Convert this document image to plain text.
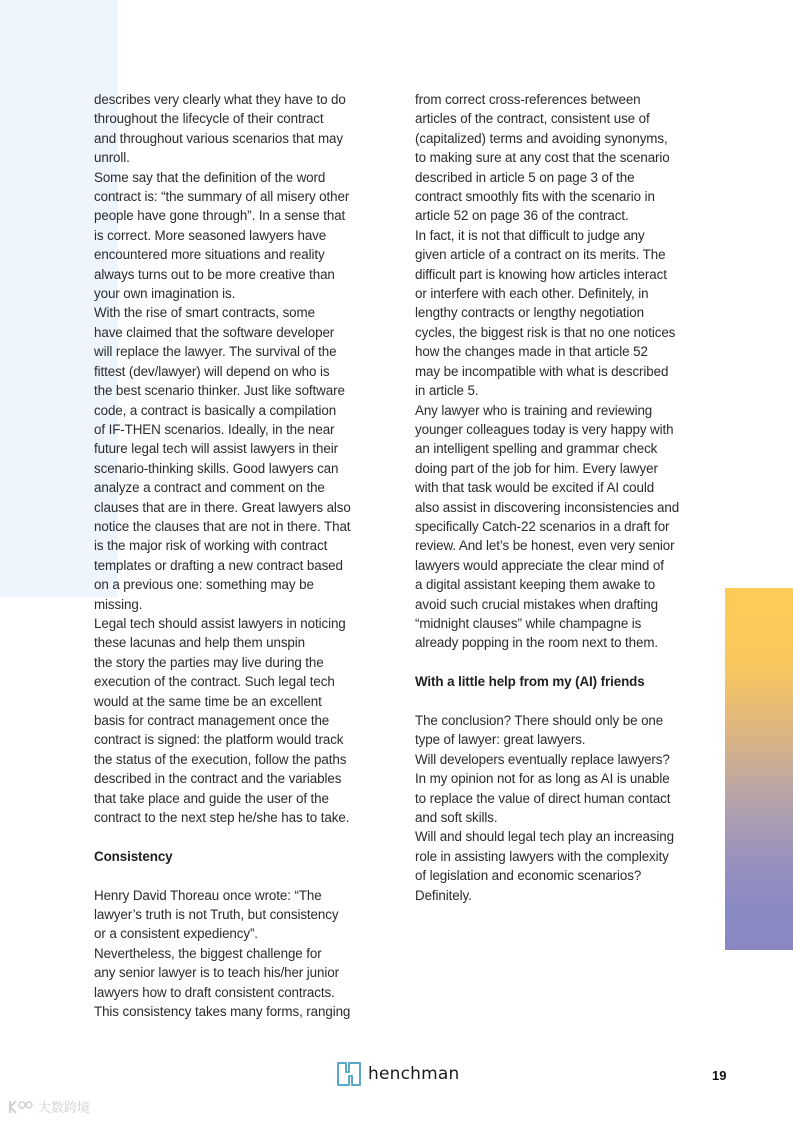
describes very clearly what they have to do
throughout the lifecycle of their contract
and throughout various scenarios that may
unroll.
Some say that the definition of the word
contract is: “the summary of all misery other
people have gone through”. In a sense that
is correct. More seasoned lawyers have
encountered more situations and reality
always turns out to be more creative than
your own imagination is.
With the rise of smart contracts, some
have claimed that the software developer
will replace the lawyer. The survival of the
fittest (dev/lawyer) will depend on who is
the best scenario thinker. Just like software
code, a contract is basically a compilation
of IF-THEN scenarios. Ideally, in the near
future legal tech will assist lawyers in their
scenario-thinking skills. Good lawyers can
analyze a contract and comment on the
clauses that are in there. Great lawyers also
notice the clauses that are not in there. That
is the major risk of working with contract
templates or drafting a new contract based
on a previous one: something may be
missing.
Legal tech should assist lawyers in noticing
these lacunas and help them unspin
the story the parties may live during the
execution of the contract. Such legal tech
would at the same time be an excellent
basis for contract management once the
contract is signed: the platform would track
the status of the execution, follow the paths
described in the contract and the variables
that take place and guide the user of the
contract to the next step he/she has to take.
Consistency
Henry David Thoreau once wrote: “The
lawyer’s truth is not Truth, but consistency
or a consistent expediency”.
Nevertheless, the biggest challenge for
any senior lawyer is to teach his/her junior
lawyers how to draft consistent contracts.
This consistency takes many forms, ranging
from correct cross-references between
articles of the contract, consistent use of
(capitalized) terms and avoiding synonyms,
to making sure at any cost that the scenario
described in article 5 on page 3 of the
contract smoothly fits with the scenario in
article 52 on page 36 of the contract.
In fact, it is not that difficult to judge any
given article of a contract on its merits. The
difficult part is knowing how articles interact
or interfere with each other. Definitely, in
lengthy contracts or lengthy negotiation
cycles, the biggest risk is that no one notices
how the changes made in that article 52
may be incompatible with what is described
in article 5.
Any lawyer who is training and reviewing
younger colleagues today is very happy with
an intelligent spelling and grammar check
doing part of the job for him. Every lawyer
with that task would be excited if AI could
also assist in discovering inconsistencies and
specifically Catch-22 scenarios in a draft for
review. And let’s be honest, even very senior
lawyers would appreciate the clear mind of
a digital assistant keeping them awake to
avoid such crucial mistakes when drafting
“midnight clauses” while champagne is
already popping in the room next to them.
With a little help from my (AI) friends
The conclusion? There should only be one
type of lawyer: great lawyers.
Will developers eventually replace lawyers?
In my opinion not for as long as AI is unable
to replace the value of direct human contact
and soft skills.
Will and should legal tech play an increasing
role in assisting lawyers with the complexity
of legislation and economic scenarios?
Definitely.
henchman	19
大数跨境
